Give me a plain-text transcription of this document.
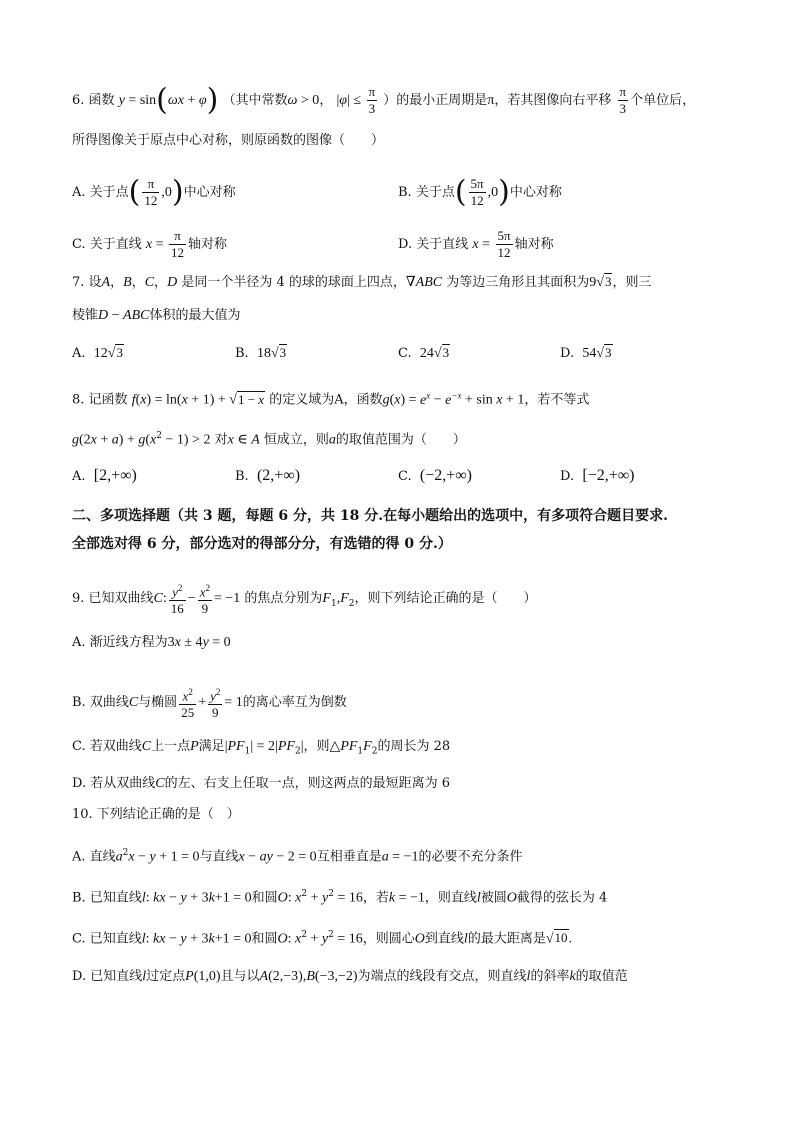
6. 函数 y = sin(ωx + φ) （其中常数ω > 0， $|\varphi| \le \frac{\pi}{3}$ ）的最小正周期是π，若其图像向右平移 $\frac{\pi}{3}$ 个单位后，
所得图像关于原点中心对称，则原函数的图像（　　）
A. 关于点( $\frac{\pi}{12} ,0$)中心对称	B. 关于点( $\frac{5\pi}{12} ,0$)中心对称
C. 关于直线 $x = \frac{\pi}{12}$ 轴对称	D. 关于直线 $x = \frac{5\pi}{12}$ 轴对称
7. 设A，B，C，D 是同一个半径为 4 的球的球面上四点，∇ABC 为等边三角形且其面积为9√3，则三
棱锥D − ABC体积的最大值为
A. 12√3	B. 18√3	C. 24√3	D. 54√3
8. 记函数 f(x) = ln(x + 1) + √1 − x 的定义域为A，函数$g(x) = e^x - e^{-x} + \sin x + 1$，若不等式
$g(2x + a) + g(x^2 - 1) > 2$ 对x ∈ A 恒成立，则a的取值范围为（　　）
A. [2,+∞)	B. (2,+∞)	C. (−2,+∞)	D. [−2,+∞)
二、多项选择题（共 3 题，每题 6 分，共 18 分.在每小题给出的选项中，有多项符合题目要求.
全部选对得 6 分，部分选对的得部分分，有选错的得 0 分.）
9. 已知双曲线C: $\frac{y^2}{16} - \frac{x^2}{9} = -1$ 的焦点分别为$F_1,F_2$，则下列结论正确的是（　　）
A. 渐近线方程为3x ± 4y = 0
B. 双曲线C与椭圆 $\frac{x^2}{25} + \frac{y^2}{9} = 1$的离心率互为倒数
C. 若双曲线C上一点P满足$|PF_1| = 2|PF_2|$，则$\triangle PF_1F_2$的周长为 28
D. 若从双曲线C的左、右支上任取一点，则这两点的最短距离为 6
10. 下列结论正确的是（　）
A. 直线$a^2x - y + 1 = 0$与直线x − ay − 2 = 0互相垂直是a = −1的必要不充分条件
B. 已知直线l: kx − y + 3k+1 = 0和圆O: $x^2 + y^2 = 16$，若k = −1，则直线l被圆O截得的弦长为 4
C. 已知直线l: kx − y + 3k+1 = 0和圆O: $x^2 + y^2 = 16$，则圆心O到直线l的最大距离是√10.
D. 已知直线l过定点P(1,0)且与以A(2,−3),B(−3,−2)为端点的线段有交点，则直线l的斜率k的取值范
